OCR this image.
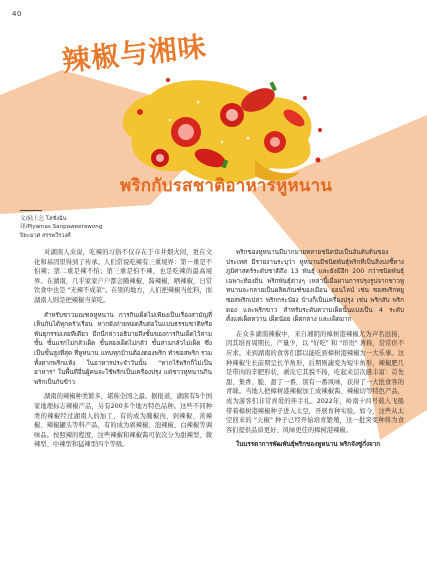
40
辣椒与湘味
พริกกับรสชาติอาหารหูหนาน
文/陆上乞 โล่ซั่งฉิน
译/Piyamas Sanpaweerawong
ปิยะมาศ สรรพวีรวงศ์

对湖南人来说，吃辣的习俗不仅存在于市井烟火间，更在文化和基因里得到了传承。人们常说吃辣有三重境界：第一重是不怕辣；第二重是辣不怕；第三重是怕不辣，也是吃辣的最高境界。在湖南，几乎家家户户都会腌辣椒、酱辣椒、晒辣椒，日常饮食中也是 "无辣不成菜"。在别的地方，人们把辣椒当佐料，而湖南人则是把辣椒当菜吃。

สำหรับชาวมณฑลหูหนาน การกินเผ็ดไม่เพียงเป็นเรื่องสามัญที่เห็นกันได้ทุกครัวเรือน หากยังถ่ายทอดสืบต่อในแบบธรรมชาติหรือพันธุกรรมเลยทีเดียว มีกนี่กล่าวอธิบายถึงขั้นของการกินเผ็ดไว้สามขั้น ขั้นแรกไม่กลัวเผ็ด ขั้นสองเผ็ดไม่กลัว ขั้นสามกลัวไม่เผ็ด ซึ่งเป็นขั้นสูงที่สุด ที่หูหนาน แทบทุกบ้านต้องดองพริก ทำซอสพริก รวมทั้งตากพริกแห้ง ในอาหารประจำวันนั้น "หากไร้พริกก็ไม่เป็นอาหาร" ในพื้นที่อื่นผู้คนจะใช้พริกเป็นเครื่องปรุง แต่ชาวหูหนานกินพริกเป็นกับข้าว

湖南的辣椒种类繁多，堪称全国之最。据报道，湖南有5个国家地理标志辣椒产品，另有200多个地方特色品种。这些不同种类的辣椒经过湖南人的加工，有的成为腌椒肉、剁辣椒、黄辣椒、辣椒罐头等科产品，有的成为剁辣椒、泡辣椒、白辣椒等调味品。按照辣的程度，这些辣椒和辣椒酱可依次分为甜辣型、微辣型、中辣型和猛辣型四个等级。

พริกของหูหนานมีมากมายหลายชนิดนับเป็นอันดับต้นของประเทศ มีรายงานระบุว่า หูหนานมีชนิดพันธุ์พริกที่เป็นสิ่งบ่งชี้ทางภูมิศาสตร์ระดับชาติถึง 13 พันธุ์ และยังมีอีก 200 กว่าชนิดพันธุ์เฉพาะท้องถิ่น พริกพันธุ์ต่างๆ เหล่านี้เมื่อผ่านการปรุงรูปจากชาวหูหนานจะกลายเป็นผลิตภัณฑ์ของเมือน ออนไลน์ เช่น ซอสพริกหยู ซอสพริกเปล่า พริกกระป๋อง บ้างก็เป็นเครื่องปรุง เช่น พริกสับ พริกดอง และพริกขาว สำหรับระดับความเผ็ดนั้นแบ่งเป็น 4 ระดับ ตั้งแต่เผ็ดหวาน เผ็ดน้อย เผ็ดกลาง และเผ็ดมาก

在众多湖南辣椒中，来自湘阴的樟树港辣椒尤为声名远扬，因其培育周期长、产量少，以 "好吃" 和 "昂贵" 著称，常常供不应求。来到湖南的食客们都以能吃到樟树港辣椒为一大乐事。这种辣椒生长前期呈长羊角形，后期则蔬变为短牛角形，辣椒肥几是带肉的辛肥形状，剥皮它其貌不扬，吃起来层次感丰富：首先甜、集香、脆、甜了一番，别有一番风味，获得了一大批食客的青睐。当地人把樟树港辣椒加工成辣椒酱、辣椒切等特色产品，成为游客们非常喜爱的伴手礼。2022年，岭南十四号载人飞船带着樟树港辣椒种子进入太空，开展育种实验。如今，这些从太空回来的 "天椒" 种子已经开始培育繁殖，这一批突变种将为食客们提供品质更好、风味更佳的樟树港辣椒。

ในบรรดาการพัฒพันธุ์พริกของหูหนาน พริกจังซู่กั่งจาก
